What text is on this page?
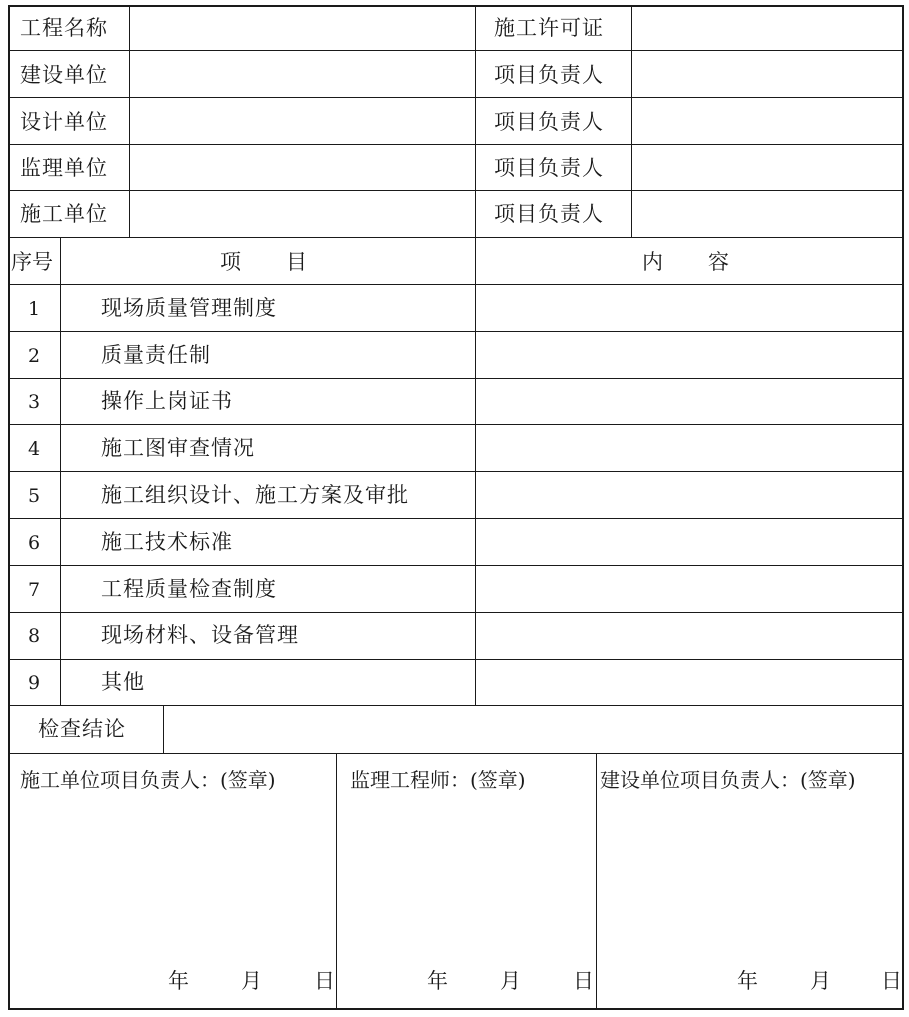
工程名称	施工许可证
建设单位	项目负责人
设计单位	项目负责人
监理单位	项目负责人
施工单位	项目负责人
序号	项　　目	内　　容
1	现场质量管理制度
2	质量责任制
3	操作上岗证书
4	施工图审查情况
5	施工组织设计、施工方案及审批
6	施工技术标准
7	工程质量检查制度
8	现场材料、设备管理
9	其他
检查结论
施工单位项目负责人：(签章)	监理工程师：(签章)	建设单位项目负责人：(签章)
年 月 日	年 月 日	年 月 日
